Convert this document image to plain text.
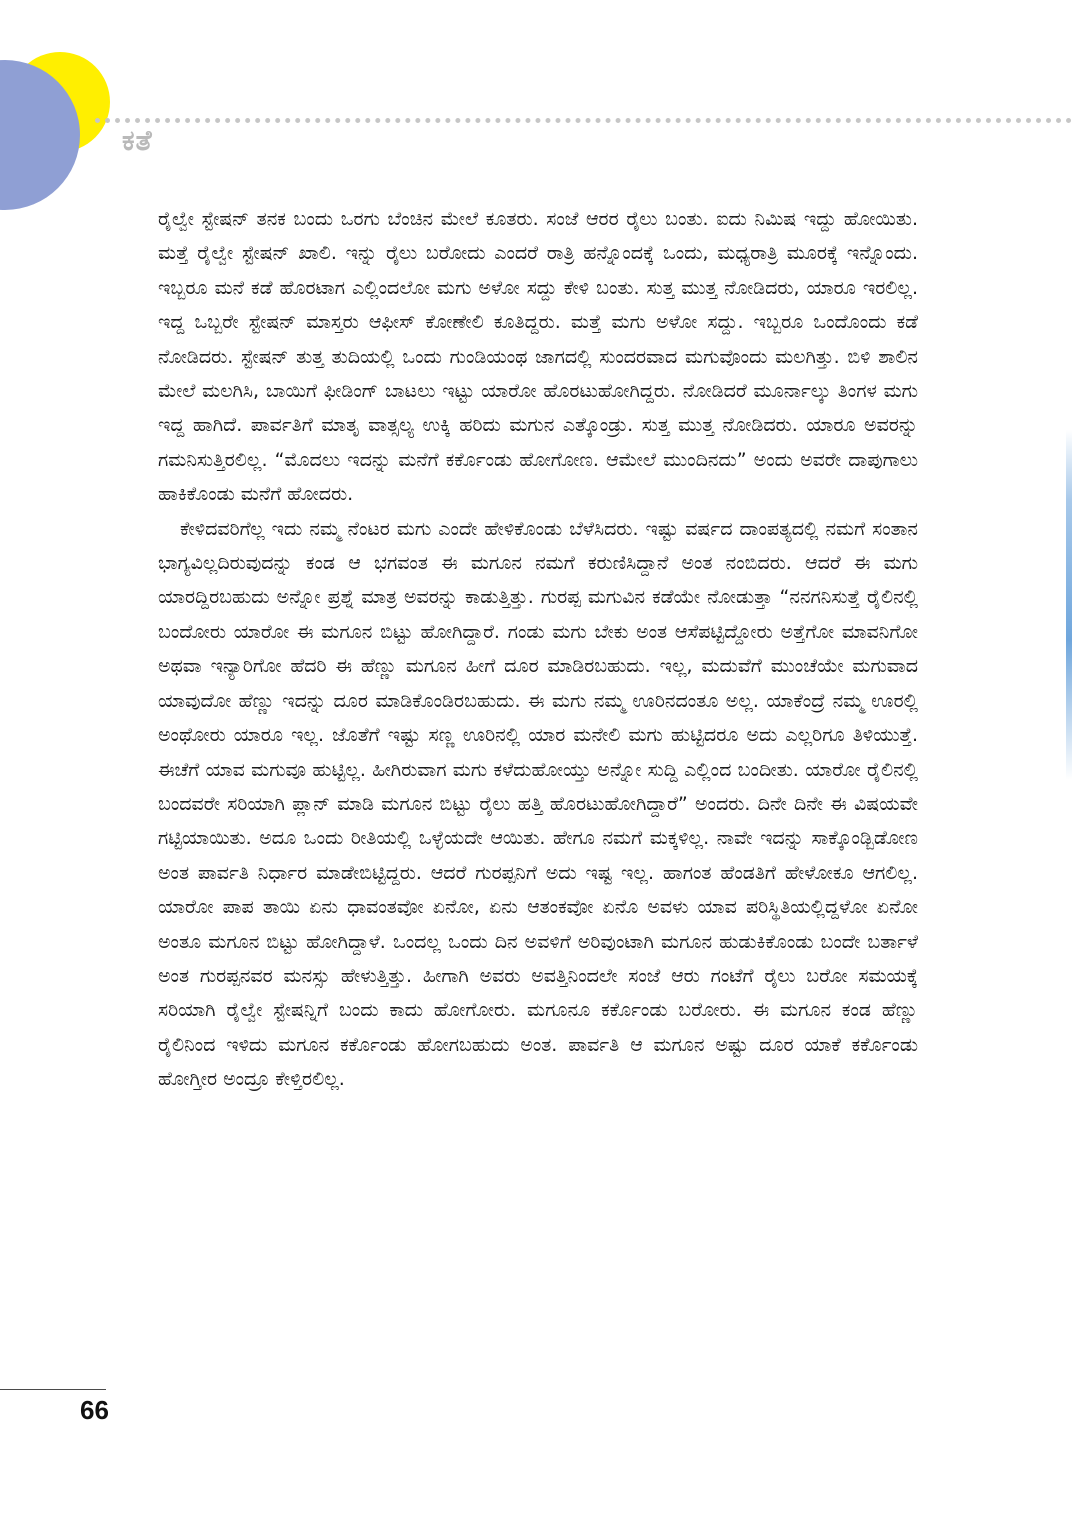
ಕತೆ

ರೈಲ್ವೇ ಸ್ಟೇಷನ್ ತನಕ ಬಂದು ಒರಗು ಬೆಂಚಿನ ಮೇಲೆ ಕೂತರು. ಸಂಜೆ ಆರರ ರೈಲು ಬಂತು. ಐದು ನಿಮಿಷ ಇದ್ದು ಹೋಯಿತು. ಮತ್ತೆ ರೈಲ್ವೇ ಸ್ಟೇಷನ್ ಖಾಲಿ. ಇನ್ನು ರೈಲು ಬರೋದು ಎಂದರೆ ರಾತ್ರಿ ಹನ್ನೊಂದಕ್ಕೆ ಒಂದು, ಮಧ್ಯರಾತ್ರಿ ಮೂರಕ್ಕೆ ಇನ್ನೊಂದು. ಇಬ್ಬರೂ ಮನೆ ಕಡೆ ಹೊರಟಾಗ ಎಲ್ಲಿಂದಲೋ ಮಗು ಅಳೋ ಸದ್ದು ಕೇಳಿ ಬಂತು. ಸುತ್ತ ಮುತ್ತ ನೋಡಿದರು, ಯಾರೂ ಇರಲಿಲ್ಲ. ಇದ್ದ ಒಬ್ಬರೇ ಸ್ಟೇಷನ್ ಮಾಸ್ತರು ಆಫೀಸ್ ಕೋಣೇಲಿ ಕೂತಿದ್ದರು. ಮತ್ತೆ ಮಗು ಅಳೋ ಸದ್ದು. ಇಬ್ಬರೂ ಒಂದೊಂದು ಕಡೆ ನೋಡಿದರು. ಸ್ಟೇಷನ್ ತುತ್ತ ತುದಿಯಲ್ಲಿ ಒಂದು ಗುಂಡಿಯಂಥ ಜಾಗದಲ್ಲಿ ಸುಂದರವಾದ ಮಗುವೊಂದು ಮಲಗಿತ್ತು. ಬಿಳಿ ಶಾಲಿನ ಮೇಲೆ ಮಲಗಿಸಿ, ಬಾಯಿಗೆ ಫೀಡಿಂಗ್ ಬಾಟಲು ಇಟ್ಟು ಯಾರೋ ಹೊರಟುಹೋಗಿದ್ದರು. ನೋಡಿದರೆ ಮೂರ್ನಾಲ್ಕು ತಿಂಗಳ ಮಗು ಇದ್ದ ಹಾಗಿದೆ. ಪಾರ್ವತಿಗೆ ಮಾತೃ ವಾತ್ಸಲ್ಯ ಉಕ್ಕಿ ಹರಿದು ಮಗುನ ಎತ್ಕೊಂಡ್ರು. ಸುತ್ತ ಮುತ್ತ ನೋಡಿದರು. ಯಾರೂ ಅವರನ್ನು ಗಮನಿಸುತ್ತಿರಲಿಲ್ಲ. “ಮೊದಲು ಇದನ್ನು ಮನೆಗೆ ಕರ್ಕೊಂಡು ಹೋಗೋಣ. ಆಮೇಲೆ ಮುಂದಿನದು” ಅಂದು ಅವರೇ ದಾಪುಗಾಲು ಹಾಕಿಕೊಂಡು ಮನೆಗೆ ಹೋದರು.

ಕೇಳಿದವರಿಗೆಲ್ಲ ಇದು ನಮ್ಮ ನೆಂಟರ ಮಗು ಎಂದೇ ಹೇಳಿಕೊಂಡು ಬೆಳೆಸಿದರು. ಇಷ್ಟು ವರ್ಷದ ದಾಂಪತ್ಯದಲ್ಲಿ ನಮಗೆ ಸಂತಾನ ಭಾಗ್ಯವಿಲ್ಲದಿರುವುದನ್ನು ಕಂಡ ಆ ಭಗವಂತ ಈ ಮಗೂನ ನಮಗೆ ಕರುಣಿಸಿದ್ದಾನೆ ಅಂತ ನಂಬಿದರು. ಆದರೆ ಈ ಮಗು ಯಾರದ್ದಿರಬಹುದು ಅನ್ನೋ ಪ್ರಶ್ನೆ ಮಾತ್ರ ಅವರನ್ನು ಕಾಡುತ್ತಿತ್ತು. ಗುರಪ್ಪ ಮಗುವಿನ ಕಡೆಯೇ ನೋಡುತ್ತಾ “ನನಗನಿಸುತ್ತೆ ರೈಲಿನಲ್ಲಿ ಬಂದೋರು ಯಾರೋ ಈ ಮಗೂನ ಬಿಟ್ಟು ಹೋಗಿದ್ದಾರೆ. ಗಂಡು ಮಗು ಬೇಕು ಅಂತ ಆಸೆಪಟ್ಟಿದ್ದೋರು ಅತ್ತೆಗೋ ಮಾವನಿಗೋ ಅಥವಾ ಇನ್ಯಾರಿಗೋ ಹೆದರಿ ಈ ಹೆಣ್ಣು ಮಗೂನ ಹೀಗೆ ದೂರ ಮಾಡಿರಬಹುದು. ಇಲ್ಲ, ಮದುವೆಗೆ ಮುಂಚೆಯೇ ಮಗುವಾದ ಯಾವುದೋ ಹೆಣ್ಣು ಇದನ್ನು ದೂರ ಮಾಡಿಕೊಂಡಿರಬಹುದು. ಈ ಮಗು ನಮ್ಮ ಊರಿನದಂತೂ ಅಲ್ಲ. ಯಾಕೆಂದ್ರೆ ನಮ್ಮ ಊರಲ್ಲಿ ಅಂಥೋರು ಯಾರೂ ಇಲ್ಲ. ಜೊತೆಗೆ ಇಷ್ಟು ಸಣ್ಣ ಊರಿನಲ್ಲಿ ಯಾರ ಮನೇಲಿ ಮಗು ಹುಟ್ಟಿದರೂ ಅದು ಎಲ್ಲರಿಗೂ ತಿಳಿಯುತ್ತೆ. ಈಚೆಗೆ ಯಾವ ಮಗುವೂ ಹುಟ್ಟಿಲ್ಲ. ಹೀಗಿರುವಾಗ ಮಗು ಕಳೆದುಹೋಯ್ತು ಅನ್ನೋ ಸುದ್ದಿ ಎಲ್ಲಿಂದ ಬಂದೀತು. ಯಾರೋ ರೈಲಿನಲ್ಲಿ ಬಂದವರೇ ಸರಿಯಾಗಿ ಪ್ಲಾನ್ ಮಾಡಿ ಮಗೂನ ಬಿಟ್ಟು ರೈಲು ಹತ್ತಿ ಹೊರಟುಹೋಗಿದ್ದಾರೆ” ಅಂದರು. ದಿನೇ ದಿನೇ ಈ ವಿಷಯವೇ ಗಟ್ಟಿಯಾಯಿತು. ಅದೂ ಒಂದು ರೀತಿಯಲ್ಲಿ ಒಳ್ಳೆಯದೇ ಆಯಿತು. ಹೇಗೂ ನಮಗೆ ಮಕ್ಕಳಿಲ್ಲ. ನಾವೇ ಇದನ್ನು ಸಾಕ್ಕೊಂಡ್ಬಿಡೋಣ ಅಂತ ಪಾರ್ವತಿ ನಿರ್ಧಾರ ಮಾಡೇಬಿಟ್ಟಿದ್ದರು. ಆದರೆ ಗುರಪ್ಪನಿಗೆ ಅದು ಇಷ್ಟ ಇಲ್ಲ. ಹಾಗಂತ ಹೆಂಡತಿಗೆ ಹೇಳೋಕೂ ಆಗಲಿಲ್ಲ. ಯಾರೋ ಪಾಪ ತಾಯಿ ಏನು ಧಾವಂತವೋ ಏನೋ, ಏನು ಆತಂಕವೋ ಏನೊ ಅವಳು ಯಾವ ಪರಿಸ್ಥಿತಿಯಲ್ಲಿದ್ದಳೋ ಏನೋ ಅಂತೂ ಮಗೂನ ಬಿಟ್ಟು ಹೋಗಿದ್ದಾಳೆ. ಒಂದಲ್ಲ ಒಂದು ದಿನ ಅವಳಿಗೆ ಅರಿವುಂಟಾಗಿ ಮಗೂನ ಹುಡುಕಿಕೊಂಡು ಬಂದೇ ಬರ್ತಾಳೆ ಅಂತ ಗುರಪ್ಪನವರ ಮನಸ್ಸು ಹೇಳುತ್ತಿತ್ತು. ಹೀಗಾಗಿ ಅವರು ಅವತ್ತಿನಿಂದಲೇ ಸಂಜೆ ಆರು ಗಂಟೆಗೆ ರೈಲು ಬರೋ ಸಮಯಕ್ಕೆ ಸರಿಯಾಗಿ ರೈಲ್ವೇ ಸ್ಟೇಷನ್ನಿಗೆ ಬಂದು ಕಾದು ಹೋಗೋರು. ಮಗೂನೂ ಕರ್ಕೊಂಡು ಬರೋರು. ಈ ಮಗೂನ ಕಂಡ ಹೆಣ್ಣು ರೈಲಿನಿಂದ ಇಳಿದು ಮಗೂನ ಕರ್ಕೊಂಡು ಹೋಗಬಹುದು ಅಂತ. ಪಾರ್ವತಿ ಆ ಮಗೂನ ಅಷ್ಟು ದೂರ ಯಾಕೆ ಕರ್ಕೊಂಡು ಹೋಗ್ತೀರ ಅಂದ್ರೂ ಕೇಳ್ತಿರಲಿಲ್ಲ.

66
